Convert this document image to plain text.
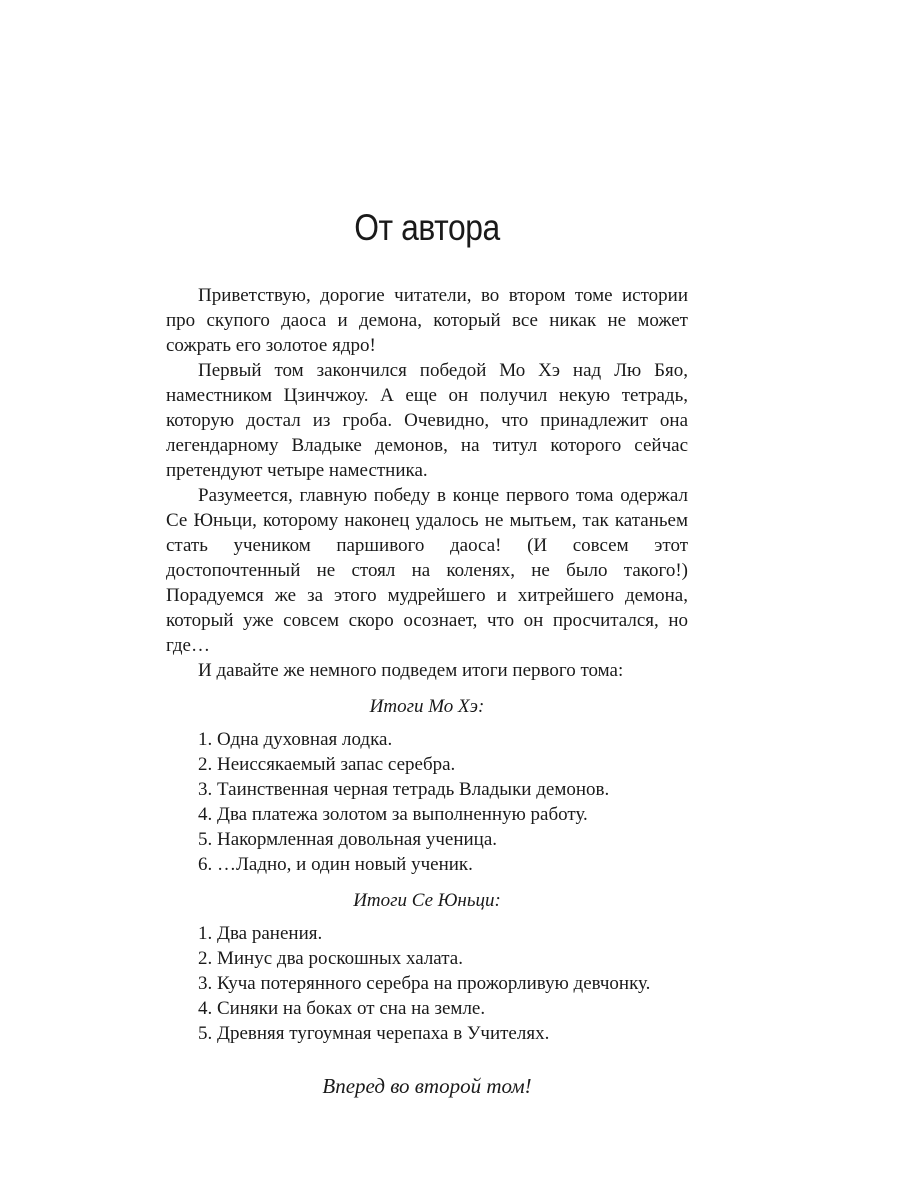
От автора

Приветствую, дорогие читатели, во втором томе истории про скупого даоса и демона, который все никак не может сожрать его золотое ядро!

Первый том закончился победой Мо Хэ над Лю Бяо, наместником Цзинчжоу. А еще он получил некую тетрадь, которую достал из гроба. Очевидно, что принадлежит она легендарному Владыке демонов, на титул которого сейчас претендуют четыре наместника.

Разумеется, главную победу в конце первого тома одержал Се Юньци, которому наконец удалось не мытьем, так катаньем стать учеником паршивого даоса! (И совсем этот достопочтенный не стоял на коленях, не было такого!) Порадуемся же за этого мудрейшего и хитрейшего демона, который уже совсем скоро осознает, что он просчитался, но где…

И давайте же немного подведем итоги первого тома:

Итоги Мо Хэ:
1. Одна духовная лодка.
2. Неиссякаемый запас серебра.
3. Таинственная черная тетрадь Владыки демонов.
4. Два платежа золотом за выполненную работу.
5. Накормленная довольная ученица.
6. …Ладно, и один новый ученик.
Итоги Се Юньци:
1. Два ранения.
2. Минус два роскошных халата.
3. Куча потерянного серебра на прожорливую девчонку.
4. Синяки на боках от сна на земле.
5. Древняя тугоумная черепаха в Учителях.
Вперед во второй том!
